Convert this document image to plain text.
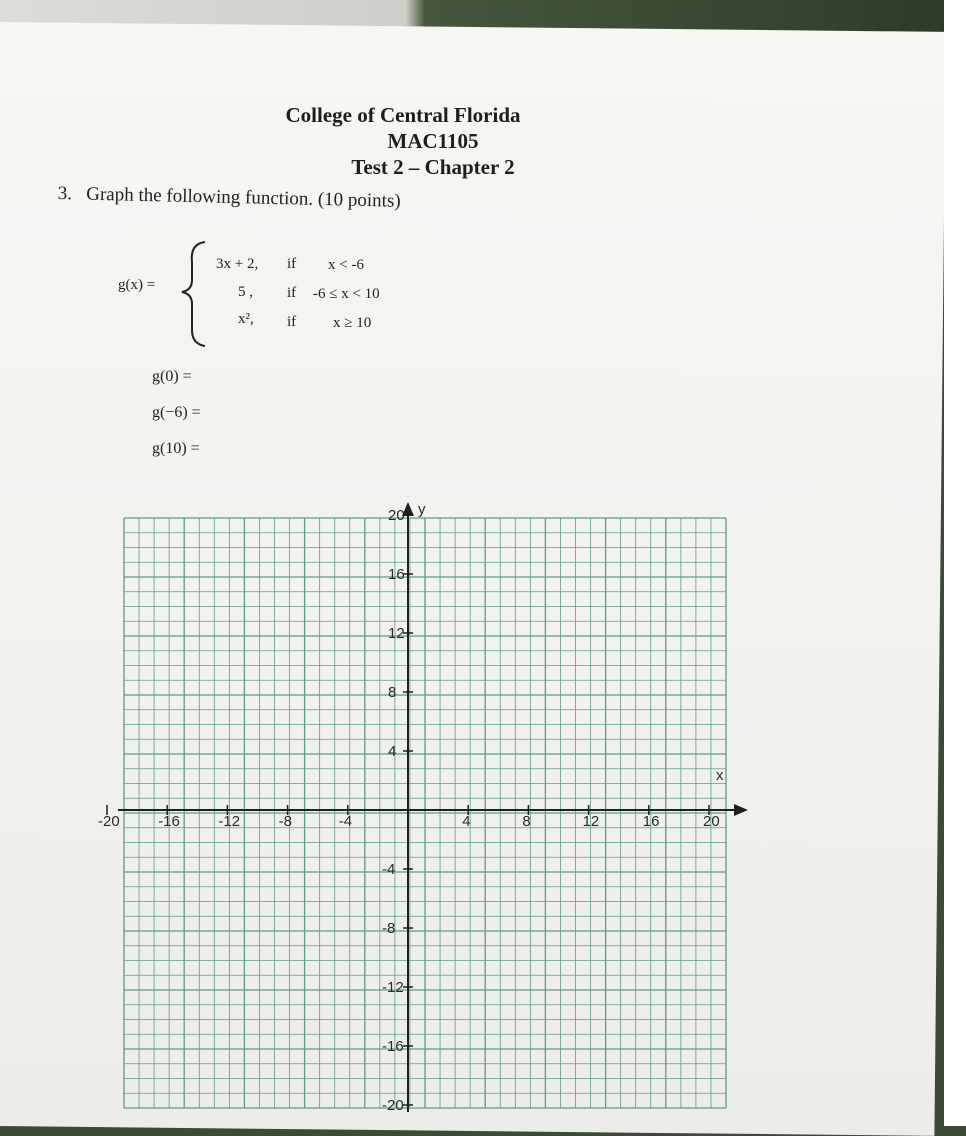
College of Central Florida
MAC1105
Test 2 – Chapter 2
3. Graph the following function. (10 points)
g(x) =
3x + 2, if x < -6
5 , if -6 ≤ x < 10
x², if x ≥ 10
g(0) =
g(−6) =
g(10) =
y
x
-20	-16	-12	-8	-4	4	8	12	16	20
20
16
12
8
4
-4
-8
-12
-16
-20
